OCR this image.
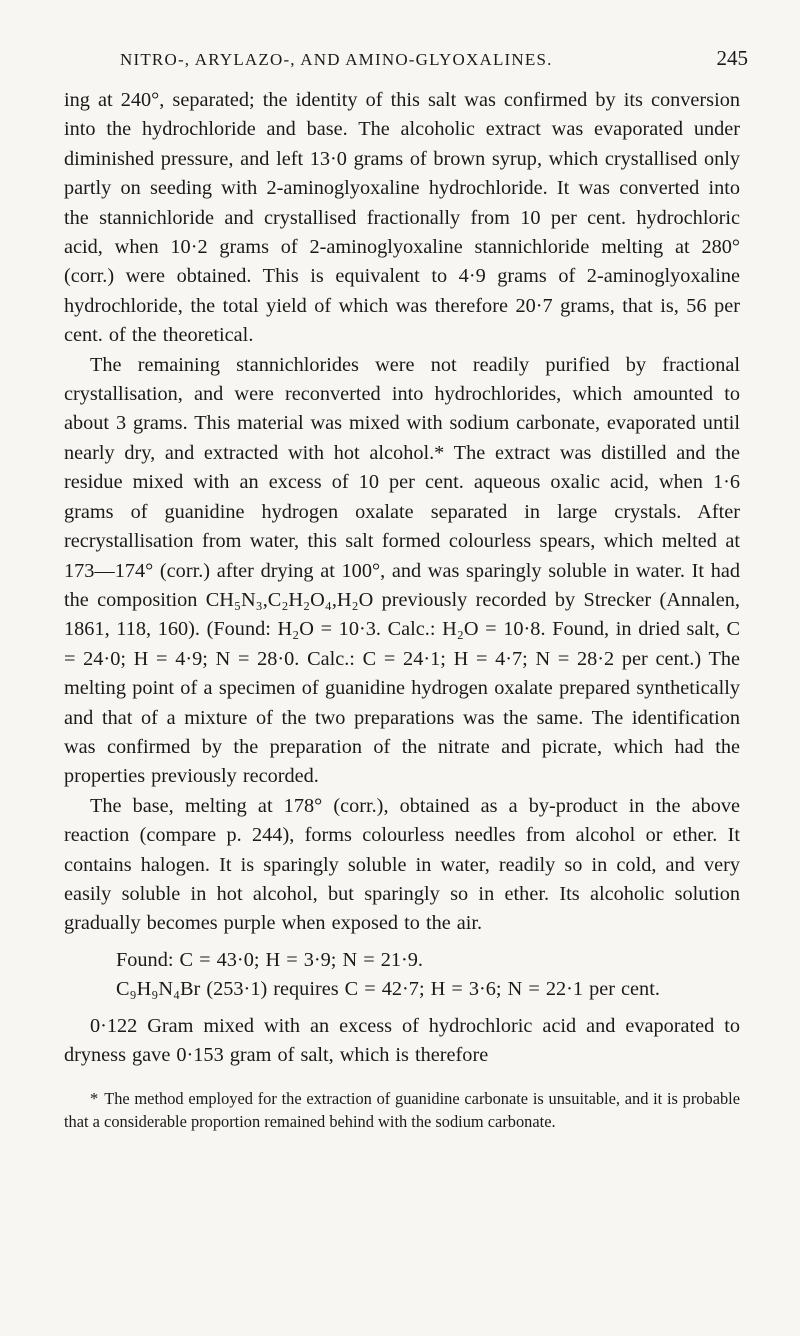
NITRO-, ARYLAZO-, AND AMINO-GLYOXALINES.	245

ing at 240°, separated; the identity of this salt was confirmed by its conversion into the hydrochloride and base. The alcoholic extract was evaporated under diminished pressure, and left 13·0 grams of brown syrup, which crystallised only partly on seeding with 2-aminoglyoxaline hydrochloride. It was converted into the stannichloride and crystallised fractionally from 10 per cent. hydrochloric acid, when 10·2 grams of 2-aminoglyoxaline stannichloride melting at 280° (corr.) were obtained. This is equivalent to 4·9 grams of 2-aminoglyoxaline hydrochloride, the total yield of which was therefore 20·7 grams, that is, 56 per cent. of the theoretical.

The remaining stannichlorides were not readily purified by fractional crystallisation, and were reconverted into hydrochlorides, which amounted to about 3 grams. This material was mixed with sodium carbonate, evaporated until nearly dry, and extracted with hot alcohol.* The extract was distilled and the residue mixed with an excess of 10 per cent. aqueous oxalic acid, when 1·6 grams of guanidine hydrogen oxalate separated in large crystals. After recrystallisation from water, this salt formed colourless spears, which melted at 173—174° (corr.) after drying at 100°, and was sparingly soluble in water. It had the composition CH₅N₃,C₂H₂O₄,H₂O previously recorded by Strecker (Annalen, 1861, 118, 160). (Found: H₂O = 10·3. Calc.: H₂O = 10·8. Found, in dried salt, C = 24·0; H = 4·9; N = 28·0. Calc.: C = 24·1; H = 4·7; N = 28·2 per cent.) The melting point of a specimen of guanidine hydrogen oxalate prepared synthetically and that of a mixture of the two preparations was the same. The identification was confirmed by the preparation of the nitrate and picrate, which had the properties previously recorded.

The base, melting at 178° (corr.), obtained as a by-product in the above reaction (compare p. 244), forms colourless needles from alcohol or ether. It contains halogen. It is sparingly soluble in water, readily so in cold, and very easily soluble in hot alcohol, but sparingly so in ether. Its alcoholic solution gradually becomes purple when exposed to the air.

Found: C = 43·0; H = 3·9; N = 21·9.

C₉H₉N₄Br (253·1) requires C = 42·7; H = 3·6; N = 22·1 per cent.

0·122 Gram mixed with an excess of hydrochloric acid and evaporated to dryness gave 0·153 gram of salt, which is therefore

* The method employed for the extraction of guanidine carbonate is unsuitable, and it is probable that a considerable proportion remained behind with the sodium carbonate.
